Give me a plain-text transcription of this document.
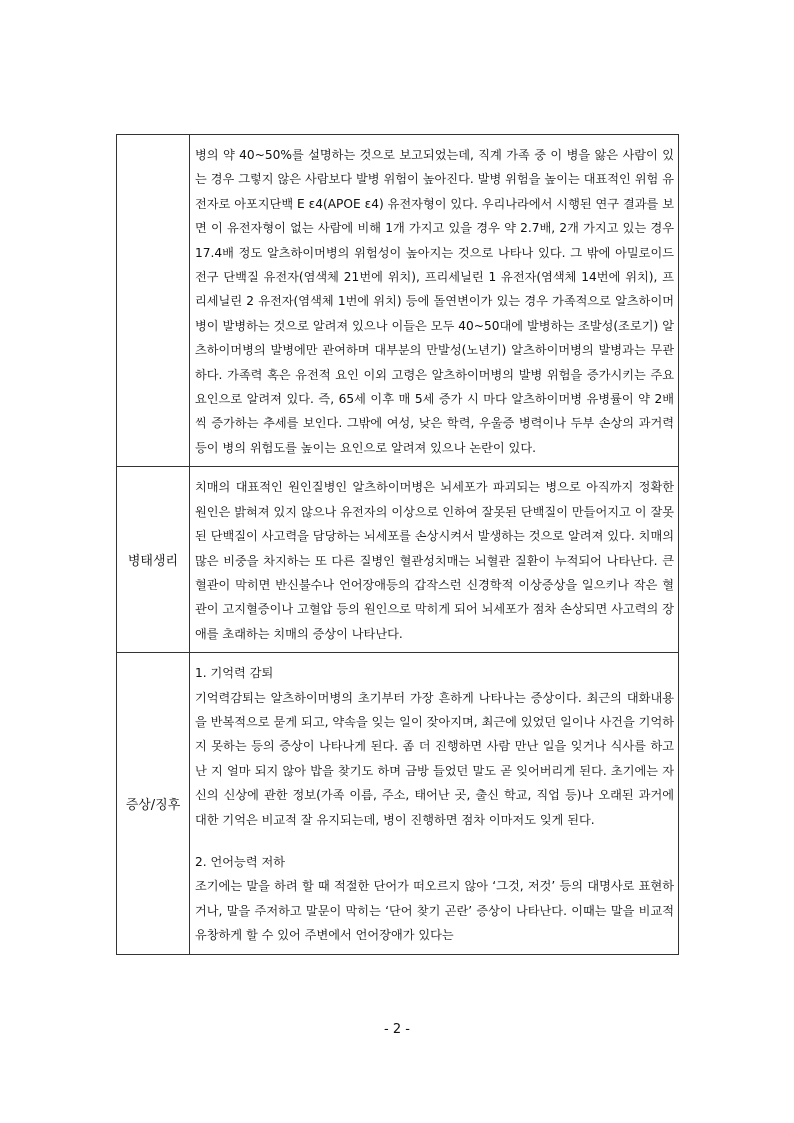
	병의 약 40~50%를 설명하는 것으로 보고되었는데, 직계 가족 중 이 병을 앓은 사람이 있는 경우 그렇지 않은 사람보다 발병 위험이 높아진다. 발병 위험을 높이는 대표적인 위험 유전자로 아포지단백 E ε4(APOE ε4) 유전자형이 있다. 우리나라에서 시행된 연구 결과를 보면 이 유전자형이 없는 사람에 비해 1개 가지고 있을 경우 약 2.7배, 2개 가지고 있는 경우 17.4배 정도 알츠하이머병의 위험성이 높아지는 것으로 나타나 있다. 그 밖에 아밀로이드 전구 단백질 유전자(염색체 21번에 위치), 프리세닐린 1 유전자(염색체 14번에 위치), 프리세닐린 2 유전자(염색체 1번에 위치) 등에 돌연변이가 있는 경우 가족적으로 알츠하이머병이 발병하는 것으로 알려져 있으나 이들은 모두 40~50대에 발병하는 조발성(조로기) 알츠하이머병의 발병에만 관여하며 대부분의 만발성(노년기) 알츠하이머병의 발병과는 무관하다. 가족력 혹은 유전적 요인 이외 고령은 알츠하이머병의 발병 위험을 증가시키는 주요 요인으로 알려져 있다. 즉, 65세 이후 매 5세 증가 시 마다 알츠하이머병 유병률이 약 2배씩 증가하는 추세를 보인다. 그밖에 여성, 낮은 학력, 우울증 병력이나 두부 손상의 과거력 등이 병의 위험도를 높이는 요인으로 알려져 있으나 논란이 있다.

병태생리	치매의 대표적인 원인질병인 알츠하이머병은 뇌세포가 파괴되는 병으로 아직까지 정확한 원인은 밝혀져 있지 않으나 유전자의 이상으로 인하여 잘못된 단백질이 만들어지고 이 잘못된 단백질이 사고력을 담당하는 뇌세포를 손상시켜서 발생하는 것으로 알려져 있다. 치매의 많은 비중을 차지하는 또 다른 질병인 혈관성치매는 뇌혈관 질환이 누적되어 나타난다. 큰 혈관이 막히면 반신불수나 언어장애등의 갑작스런 신경학적 이상증상을 일으키나 작은 혈관이 고지혈증이나 고혈압 등의 원인으로 막히게 되어 뇌세포가 점차 손상되면 사고력의 장애를 초래하는 치매의 증상이 나타난다.

증상/징후	1. 기억력 감퇴

기억력감퇴는 알츠하이머병의 초기부터 가장 흔하게 나타나는 증상이다. 최근의 대화내용을 반복적으로 묻게 되고, 약속을 잊는 일이 잦아지며, 최근에 있었던 일이나 사건을 기억하지 못하는 등의 증상이 나타나게 된다. 좀 더 진행하면 사람 만난 일을 잊거나 식사를 하고 난 지 얼마 되지 않아 밥을 찾기도 하며 금방 들었던 말도 곧 잊어버리게 된다. 초기에는 자신의 신상에 관한 정보(가족 이름, 주소, 태어난 곳, 출신 학교, 직업 등)나 오래된 과거에 대한 기억은 비교적 잘 유지되는데, 병이 진행하면 점차 이마저도 잊게 된다.

2. 언어능력 저하

조기에는 말을 하려 할 때 적절한 단어가 떠오르지 않아 ‘그것, 저것’ 등의 대명사로 표현하거나, 말을 주저하고 말문이 막히는 ‘단어 찾기 곤란’ 증상이 나타난다. 이때는 말을 비교적 유창하게 할 수 있어 주변에서 언어장애가 있다는

- 2 -
